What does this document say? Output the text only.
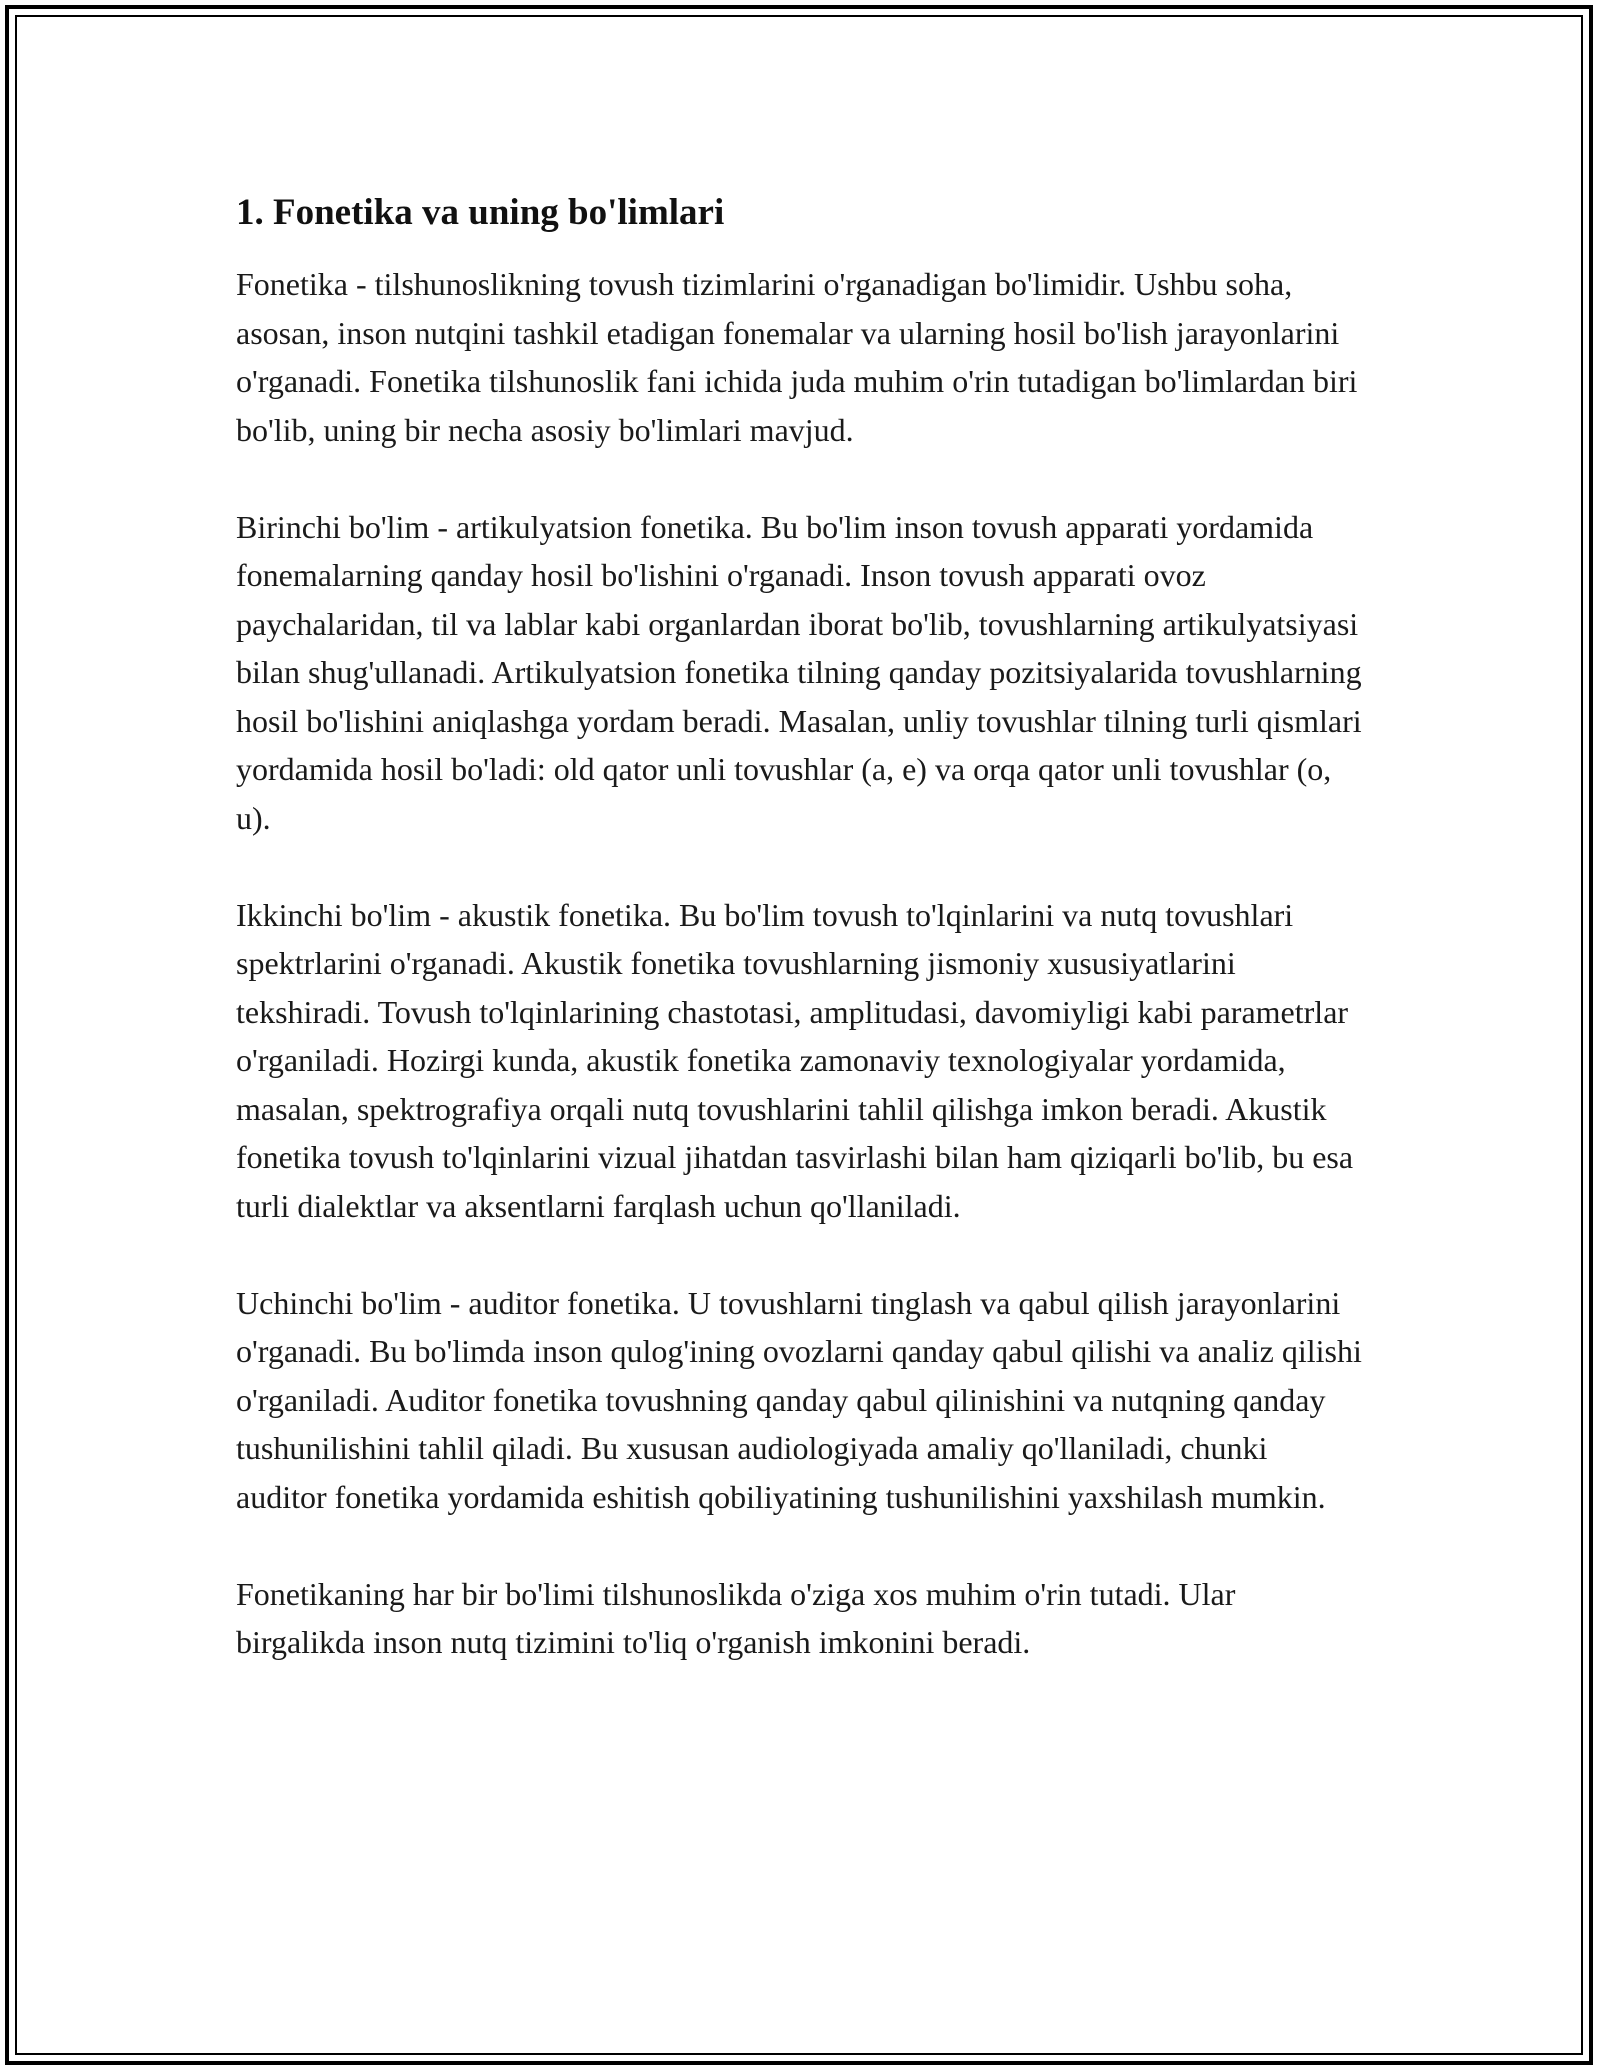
1. Fonetika va uning bo'limlari

Fonetika - tilshunoslikning tovush tizimlarini o'rganadigan bo'limidir. Ushbu soha, asosan, inson nutqini tashkil etadigan fonemalar va ularning hosil bo'lish jarayonlarini o'rganadi. Fonetika tilshunoslik fani ichida juda muhim o'rin tutadigan bo'limlardan biri bo'lib, uning bir necha asosiy bo'limlari mavjud.

Birinchi bo'lim - artikulyatsion fonetika. Bu bo'lim inson tovush apparati yordamida fonemalarning qanday hosil bo'lishini o'rganadi. Inson tovush apparati ovoz paychalaridan, til va lablar kabi organlardan iborat bo'lib, tovushlarning artikulyatsiyasi bilan shug'ullanadi. Artikulyatsion fonetika tilning qanday pozitsiyalarida tovushlarning hosil bo'lishini aniqlashga yordam beradi. Masalan, unliy tovushlar tilning turli qismlari yordamida hosil bo'ladi: old qator unli tovushlar (a, e) va orqa qator unli tovushlar (o, u).

Ikkinchi bo'lim - akustik fonetika. Bu bo'lim tovush to'lqinlarini va nutq tovushlari spektrlarini o'rganadi. Akustik fonetika tovushlarning jismoniy xususiyatlarini tekshiradi. Tovush to'lqinlarining chastotasi, amplitudasi, davomiyligi kabi parametrlar o'rganiladi. Hozirgi kunda, akustik fonetika zamonaviy texnologiyalar yordamida, masalan, spektrografiya orqali nutq tovushlarini tahlil qilishga imkon beradi. Akustik fonetika tovush to'lqinlarini vizual jihatdan tasvirlashi bilan ham qiziqarli bo'lib, bu esa turli dialektlar va aksentlarni farqlash uchun qo'llaniladi.

Uchinchi bo'lim - auditor fonetika. U tovushlarni tinglash va qabul qilish jarayonlarini o'rganadi. Bu bo'limda inson qulog'ining ovozlarni qanday qabul qilishi va analiz qilishi o'rganiladi. Auditor fonetika tovushning qanday qabul qilinishini va nutqning qanday tushunilishini tahlil qiladi. Bu xususan audiologiyada amaliy qo'llaniladi, chunki auditor fonetika yordamida eshitish qobiliyatining tushunilishini yaxshilash mumkin.

Fonetikaning har bir bo'limi tilshunoslikda o'ziga xos muhim o'rin tutadi. Ular birgalikda inson nutq tizimini to'liq o'rganish imkonini beradi.
